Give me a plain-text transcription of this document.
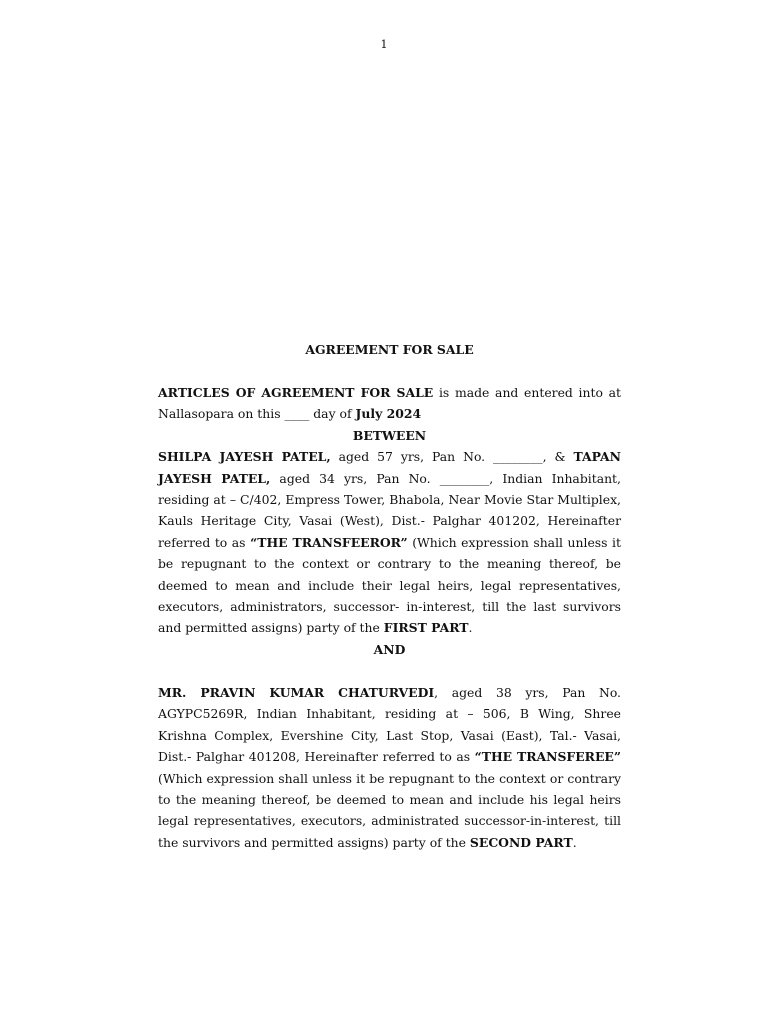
1
AGREEMENT FOR SALE

ARTICLES OF AGREEMENT FOR SALE is made and entered into at Nallasopara on this ____ day of July 2024

BETWEEN

SHILPA JAYESH PATEL, aged 57 yrs, Pan No. ________, & TAPAN JAYESH PATEL, aged 34 yrs, Pan No. ________, Indian Inhabitant, residing at – C/402, Empress Tower, Bhabola, Near Movie Star Multiplex, Kauls Heritage City, Vasai (West), Dist.- Palghar 401202, Hereinafter referred to as “THE TRANSFEEROR” (Which expression shall unless it be repugnant to the context or contrary to the meaning thereof, be deemed to mean and include their legal heirs, legal representatives, executors, administrators, successor- in-interest, till the last survivors and permitted assigns) party of the FIRST PART.

AND

MR. PRAVIN KUMAR CHATURVEDI, aged 38 yrs, Pan No. AGYPC5269R, Indian Inhabitant, residing at – 506, B Wing, Shree Krishna Complex, Evershine City, Last Stop, Vasai (East), Tal.- Vasai, Dist.- Palghar 401208, Hereinafter referred to as “THE TRANSFEREE” (Which expression shall unless it be repugnant to the context or contrary to the meaning thereof, be deemed to mean and include his legal heirs legal representatives, executors, administrated successor-in-interest, till the survivors and permitted assigns) party of the SECOND PART.
